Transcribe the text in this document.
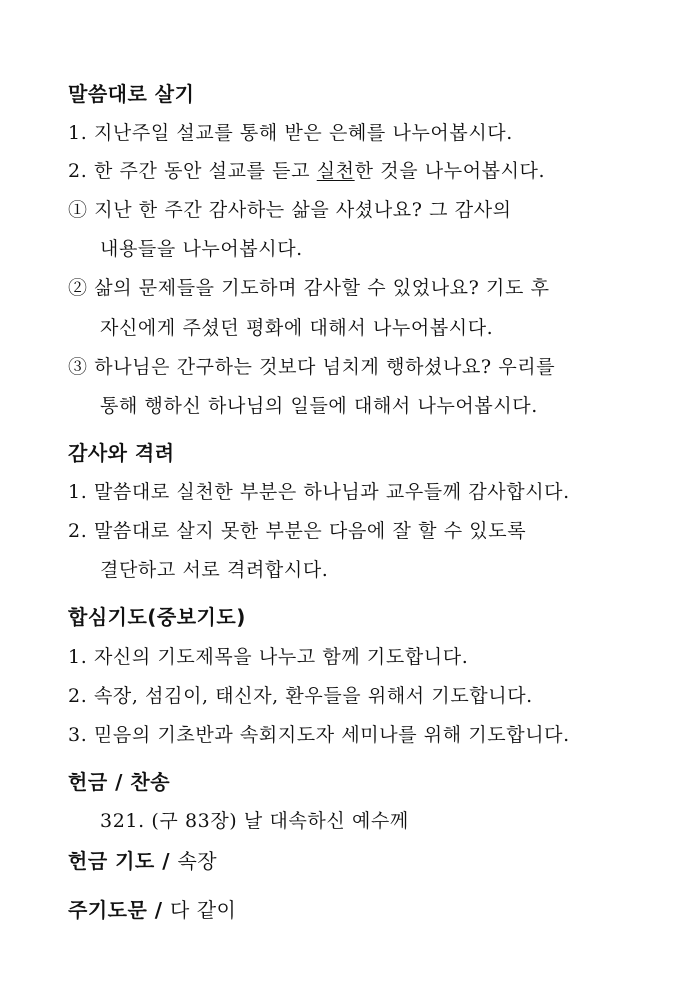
말씀대로 살기
1. 지난주일 설교를 통해 받은 은혜를 나누어봅시다.
2. 한 주간 동안 설교를 듣고 실천한 것을 나누어봅시다.
① 지난 한 주간 감사하는 삶을 사셨나요? 그 감사의
내용들을 나누어봅시다.
② 삶의 문제들을 기도하며 감사할 수 있었나요? 기도 후
자신에게 주셨던 평화에 대해서 나누어봅시다.
③ 하나님은 간구하는 것보다 넘치게 행하셨나요? 우리를
통해 행하신 하나님의 일들에 대해서 나누어봅시다.
감사와 격려
1. 말씀대로 실천한 부분은 하나님과 교우들께 감사합시다.
2. 말씀대로 살지 못한 부분은 다음에 잘 할 수 있도록
결단하고 서로 격려합시다.
합심기도(중보기도)
1. 자신의 기도제목을 나누고 함께 기도합니다.
2. 속장, 섬김이, 태신자, 환우들을 위해서 기도합니다.
3. 믿음의 기초반과 속회지도자 세미나를 위해 기도합니다.
헌금 / 찬송
321. (구 83장) 날 대속하신 예수께
헌금 기도 / 속장
주기도문 / 다 같이
